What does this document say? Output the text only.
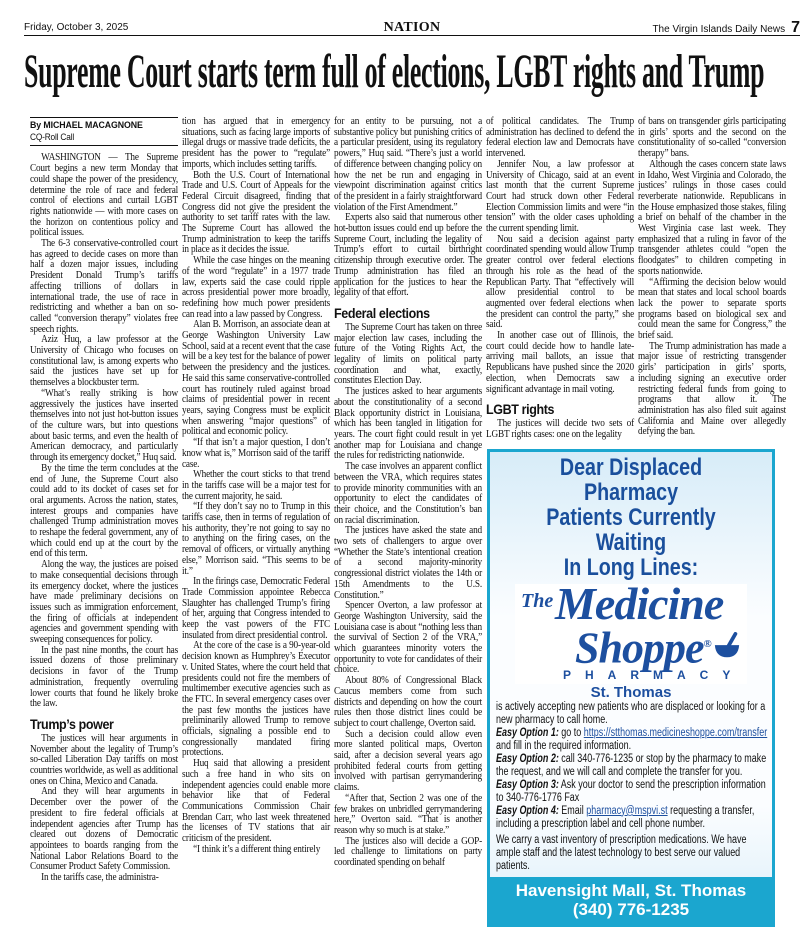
Friday, October 3, 2025	NATION	The Virgin Islands Daily News 7
Supreme Court starts term full of elections, LGBT rights and Trump
By MICHAEL MACAGNONE
CQ-Roll Call

WASHINGTON — The Supreme Court begins a new term Monday that could shape the power of the presidency, determine the role of race and federal control of elections and curtail LGBT rights nationwide — with more cases on the horizon on contentious policy and political issues.

The 6-3 conservative-controlled court has agreed to decide cases on more than half a dozen major issues, including President Donald Trump’s tariffs affecting trillions of dollars in international trade, the use of race in redistricting and whether a ban on so-called “conversion therapy” violates free speech rights.

Aziz Huq, a law professor at the University of Chicago who focuses on constitutional law, is among experts who said the justices have set up for themselves a blockbuster term.

“What’s really striking is how aggressively the justices have inserted themselves into not just hot-button issues of the culture wars, but into questions about basic terms, and even the health of American democracy, and particularly through its emergency docket,” Huq said.

By the time the term concludes at the end of June, the Supreme Court also could add to its docket of cases set for oral arguments. Across the nation, states, interest groups and companies have challenged Trump administration moves to reshape the federal government, any of which could end up at the court by the end of this term.

Along the way, the justices are poised to make consequential decisions through its emergency docket, where the justices have made preliminary decisions on issues such as immigration enforcement, the firing of officials at independent agencies and government spending with sweeping consequences for policy.

In the past nine months, the court has issued dozens of those preliminary decisions in favor of the Trump administration, frequently overruling lower courts that found he likely broke the law.

Trump’s power

The justices will hear arguments in November about the legality of Trump’s so-called Liberation Day tariffs on most countries worldwide, as well as additional ones on China, Mexico and Canada.

And they will hear arguments in December over the power of the president to fire federal officials at independent agencies after Trump has cleared out dozens of Democratic appointees to boards ranging from the National Labor Relations Board to the Consumer Product Safety Commission.

In the tariffs case, the administra-

tion has argued that in emergency situations, such as facing large imports of illegal drugs or massive trade deficits, the president has the power to “regulate” imports, which includes setting tariffs.

Both the U.S. Court of International Trade and U.S. Court of Appeals for the Federal Circuit disagreed, finding that Congress did not give the president the authority to set tariff rates with the law. The Supreme Court has allowed the Trump administration to keep the tariffs in place as it decides the issue.

While the case hinges on the meaning of the word “regulate” in a 1977 trade law, experts said the case could ripple across presidential power more broadly, redefining how much power presidents can read into a law passed by Congress.

Alan B. Morrison, an associate dean at George Washington University Law School, said at a recent event that the case will be a key test for the balance of power between the presidency and the justices. He said this same conservative-controlled court has routinely ruled against broad claims of presidential power in recent years, saying Congress must be explicit when answering “major questions” of political and economic policy.

“If that isn’t a major question, I don’t know what is,” Morrison said of the tariff case.

Whether the court sticks to that trend in the tariffs case will be a major test for the current majority, he said.

“If they don’t say no to Trump in this tariffs case, then in terms of regulation of his authority, they’re not going to say no to anything on the firing cases, on the removal of officers, or virtually anything else,” Morrison said. “This seems to be it.”

In the firings case, Democratic Federal Trade Commission appointee Rebecca Slaughter has challenged Trump’s firing of her, arguing that Congress intended to keep the vast powers of the FTC insulated from direct presidential control.

At the core of the case is a 90-year-old decision known as Humphrey’s Executor v. United States, where the court held that presidents could not fire the members of multimember executive agencies such as the FTC. In several emergency cases over the past few months the justices have preliminarily allowed Trump to remove officials, signaling a possible end to congressionally mandated firing protections.

Huq said that allowing a president such a free hand in who sits on independent agencies could enable more behavior like that of Federal Communications Commission Chair Brendan Carr, who last week threatened the licenses of TV stations that air criticism of the president.

“I think it’s a different thing entirely

for an entity to be pursuing, not a substantive policy but punishing critics of a particular president, using its regulatory powers,” Huq said. “There’s just a world of difference between changing policy on how the net be run and engaging in viewpoint discrimination against critics of the president in a fairly straightforward violation of the First Amendment.”

Experts also said that numerous other hot-button issues could end up before the Supreme Court, including the legality of Trump’s effort to curtail birthright citizenship through executive order. The Trump administration has filed an application for the justices to hear the legality of that effort.

Federal elections

The Supreme Court has taken on three major election law cases, including the future of the Voting Rights Act, the legality of limits on political party coordination and what, exactly, constitutes Election Day.

The justices asked to hear arguments about the constitutionality of a second Black opportunity district in Louisiana, which has been tangled in litigation for years. The court fight could result in yet another map for Louisiana and change the rules for redistricting nationwide.

The case involves an apparent conflict between the VRA, which requires states to provide minority communities with an opportunity to elect the candidates of their choice, and the Constitution’s ban on racial discrimination.

The justices have asked the state and two sets of challengers to argue over “Whether the State’s intentional creation of a second majority-minority congressional district violates the 14th or 15th Amendments to the U.S. Constitution.”

Spencer Overton, a law professor at George Washington University, said the Louisiana case is about “nothing less than the survival of Section 2 of the VRA,” which guarantees minority voters the opportunity to vote for candidates of their choice.

About 80% of Congressional Black Caucus members come from such districts and depending on how the court rules then those district lines could be subject to court challenge, Overton said.

Such a decision could allow even more slanted political maps, Overton said, after a decision several years ago prohibited federal courts from getting involved with partisan gerrymandering claims.

“After that, Section 2 was one of the few brakes on unbridled gerrymandering here,” Overton said. “That is another reason why so much is at stake.”

The justices also will decide a GOP-led challenge to limitations on party coordinated spending on behalf

of political candidates. The Trump administration has declined to defend the federal election law and Democrats have intervened.

Jennifer Nou, a law professor at University of Chicago, said at an event last month that the current Supreme Court had struck down other Federal Election Commission limits and were “in tension” with the older cases upholding the current spending limit.

Nou said a decision against party coordinated spending would allow Trump greater control over federal elections through his role as the head of the Republican Party. That “effectively will allow presidential control to be augmented over federal elections when the president can control the party,” she said.

In another case out of Illinois, the court could decide how to handle late-arriving mail ballots, an issue that Republicans have pushed since the 2020 election, when Democrats saw a significant advantage in mail voting.

LGBT rights

The justices will decide two sets of LGBT rights cases: one on the legality

of bans on transgender girls participating in girls’ sports and the second on the constitutionality of so-called “conversion therapy” bans.

Although the cases concern state laws in Idaho, West Virginia and Colorado, the justices’ rulings in those cases could reverberate nationwide. Republicans in the House emphasized those stakes, filing a brief on behalf of the chamber in the West Virginia case last week. They emphasized that a ruling in favor of the transgender athletes could “open the floodgates” to children competing in sports nationwide.

“Affirming the decision below would mean that states and local school boards lack the power to separate sports programs based on biological sex and could mean the same for Congress,” the brief said.

The Trump administration has made a major issue of restricting transgender girls’ participation in girls’ sports, including signing an executive order restricting federal funds from going to programs that allow it. The administration has also filed suit against California and Maine over allegedly defying the ban.

Dear Displaced Pharmacy
Patients Currently Waiting
In Long Lines:
The Medicine
Shoppe®
PHARMACY
St. Thomas

is actively accepting new patients who are displaced or looking for a new pharmacy to call home.

Easy Option 1: go to https://stthomas.medicineshoppe.com/transfer and fill in the required information.

Easy Option 2: call 340-776-1235 or stop by the pharmacy to make the request, and we will call and complete the transfer for you.

Easy Option 3: Ask your doctor to send the prescription information to 340-776-1776 Fax

Easy Option 4: Email pharmacy@mspvi.st requesting a transfer, including a prescription label and cell phone number.

We carry a vast inventory of prescription medications. We have ample staff and the latest technology to best serve our valued patients.

Havensight Mall, St. Thomas
(340) 776-1235
